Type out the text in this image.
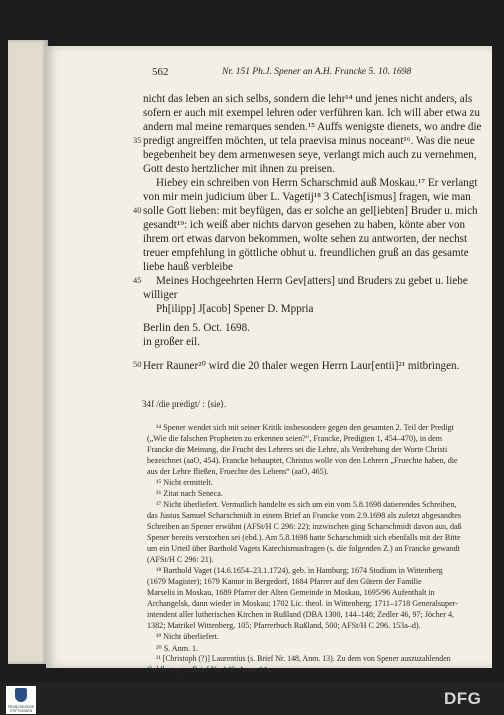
562	Nr. 151 Ph.J. Spener an A.H. Francke 5. 10. 1698
nicht das leben an sich selbs, sondern die lehr¹⁴ und jenes nicht anders, als
sofern er auch mit exempel lehren oder verführen kan. Ich will aber etwa zu
andern mal meine remarques senden.¹⁵ Auffs wenigste dienets, wo andre die
35 predigt angreiffen möchten, ut tela praevisa minus noceant¹⁶. Was die neue
begebenheit bey dem armenwesen seye, verlangt mich auch zu vernehmen,
Gott desto hertzlicher mit ihnen zu preisen.
Hiebey ein schreiben von Herrn Scharschmid auß Moskau.¹⁷ Er verlangt
von mir mein judicium über L. Vagetij¹⁸ 3 Catech[ismus] fragen, wie man
40 solle Gott lieben: mit beyfügen, das er solche an gel[iebten] Bruder u. mich
gesandt¹⁹: ich weiß aber nichts darvon gesehen zu haben, könte aber von
ihrem ort etwas darvon bekommen, wolte sehen zu antworten, der nechst
treuer empfehlung in göttliche obhut u. freundlichen gruß an das gesamte
liebe hauß verbleibe
45 Meines Hochgeehrten Herrn Gev[atters] und Bruders zu gebet u. liebe
williger
Ph[ilipp] J[acob] Spener D. Mppria
Berlin den 5. Oct. 1698.
in großer eil.
50 Herr Rauner²⁰ wird die 20 thaler wegen Herrn Laur[entii]²¹ mitbringen.
34f /die predigt/ : ⟨sie⟩.
¹⁴ Spener wendet sich mit seiner Kritik insbesondere gegen den gesamten 2. Teil der Predigt
(„Wie die falschen Propheten zu erkennen seien?“, Francke, Predigten 1, 454–470), in dem
Francke die Meinung, die Frucht des Lehrers sei die Lehre, als Verdrehung der Worte Christi
bezeichnet (aaO, 454). Francke behauptet, Christus wolle von den Lehrern „Fruechte haben, die
aus der Lehre fließen, Fruechte des Lebens“ (aaO, 465).
¹⁵ Nicht ermittelt.
¹⁶ Zitat nach Seneca.
¹⁷ Nicht überliefert. Vermutlich handelte es sich um ein vom 5.8.1698 datierendes Schreiben,
das Justus Samuel Scharschmidt in einem Brief an Francke vom 2.9.1698 als zuletzt abgesandtes
Schreiben an Spener erwähnt (AFSt/H C 296: 22); inzwischen ging Scharschmidt davon aus, daß
Spener bereits verstorben sei (ebd.). Am 5.8.1698 hatte Scharschmidt sich ebenfalls mit der Bitte
um ein Urteil über Barthold Vagets Katechismusfragen (s. die folgenden Z.) an Francke gewandt
(AFSt/H C 296: 21).
¹⁸ Barthold Vaget (14.6.1654–23.1.1724), geb. in Hamburg; 1674 Studium in Wittenberg
(1679 Magister); 1679 Kantor in Bergedorf, 1684 Pfarrer auf den Gütern der Familie
Marselis in Moskau, 1689 Pfarrer der Alten Gemeinde in Moskau, 1695/96 Aufenthalt in
Archangelsk, dann wieder in Moskau; 1702 Lic. theol. in Wittenberg; 1711–1718 Generalsuper-
intendent aller lutherischen Kirchen in Rußland (DBA 1300, 144–148; Zedler 46, 97; Jöcher 4,
1382; Matrikel Wittenberg, 105; Pfarrerbuch Rußland, 500; AFSt/H C 296. 153a–d).
¹⁹ Nicht überliefert.
²⁰ S. Anm. 1.
²¹ [Christoph (?)] Laurentius (s. Brief Nr. 148, Anm. 13). Zu dem von Spener auszuzahlenden
Geldbetrag s. Brief Nr. 148, Anm. 14.
FRANCKESCHE STIFTUNGEN
DFG
